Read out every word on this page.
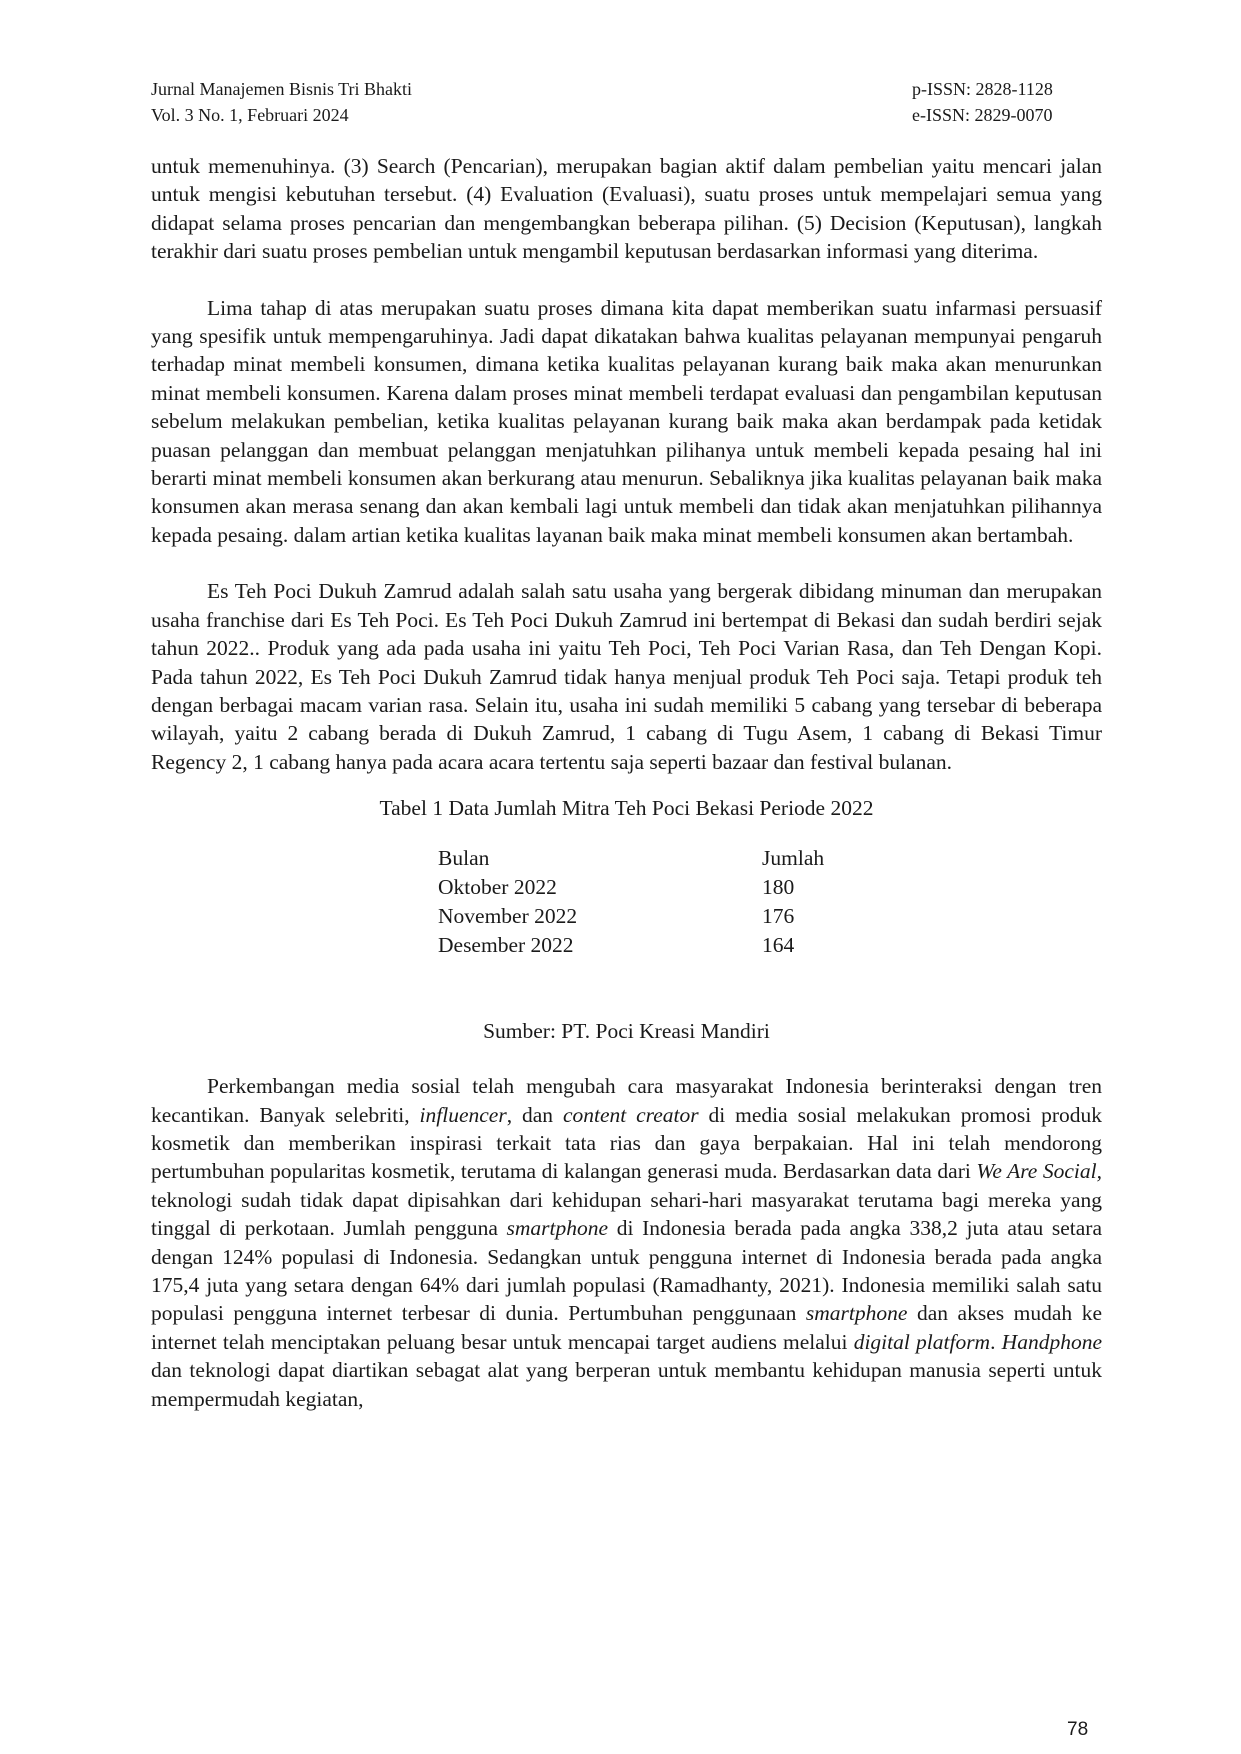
Jurnal Manajemen Bisnis Tri Bhakti
Vol. 3 No. 1, Februari 2024
p-ISSN: 2828-1128
e-ISSN: 2829-0070

untuk memenuhinya. (3) Search (Pencarian), merupakan bagian aktif dalam pembelian yaitu mencari jalan untuk mengisi kebutuhan tersebut. (4) Evaluation (Evaluasi), suatu proses untuk mempelajari semua yang didapat selama proses pencarian dan mengembangkan beberapa pilihan. (5) Decision (Keputusan), langkah terakhir dari suatu proses pembelian untuk mengambil keputusan berdasarkan informasi yang diterima.

Lima tahap di atas merupakan suatu proses dimana kita dapat memberikan suatu infarmasi persuasif yang spesifik untuk mempengaruhinya. Jadi dapat dikatakan bahwa kualitas pelayanan mempunyai pengaruh terhadap minat membeli konsumen, dimana ketika kualitas pelayanan kurang baik maka akan menurunkan minat membeli konsumen. Karena dalam proses minat membeli terdapat evaluasi dan pengambilan keputusan sebelum melakukan pembelian, ketika kualitas pelayanan kurang baik maka akan berdampak pada ketidak puasan pelanggan dan membuat pelanggan menjatuhkan pilihanya untuk membeli kepada pesaing hal ini berarti minat membeli konsumen akan berkurang atau menurun. Sebaliknya jika kualitas pelayanan baik maka konsumen akan merasa senang dan akan kembali lagi untuk membeli dan tidak akan menjatuhkan pilihannya kepada pesaing. dalam artian ketika kualitas layanan baik maka minat membeli konsumen akan bertambah.

Es Teh Poci Dukuh Zamrud adalah salah satu usaha yang bergerak dibidang minuman dan merupakan usaha franchise dari Es Teh Poci. Es Teh Poci Dukuh Zamrud ini bertempat di Bekasi dan sudah berdiri sejak tahun 2022.. Produk yang ada pada usaha ini yaitu Teh Poci, Teh Poci Varian Rasa, dan Teh Dengan Kopi. Pada tahun 2022, Es Teh Poci Dukuh Zamrud tidak hanya menjual produk Teh Poci saja. Tetapi produk teh dengan berbagai macam varian rasa. Selain itu, usaha ini sudah memiliki 5 cabang yang tersebar di beberapa wilayah, yaitu 2 cabang berada di Dukuh Zamrud, 1 cabang di Tugu Asem, 1 cabang di Bekasi Timur Regency 2, 1 cabang hanya pada acara acara tertentu saja seperti bazaar dan festival bulanan.

Tabel 1 Data Jumlah Mitra Teh Poci Bekasi Periode 2022

Bulan	Jumlah
Oktober 2022	180
November 2022	176
Desember 2022	164

Sumber: PT. Poci Kreasi Mandiri

Perkembangan media sosial telah mengubah cara masyarakat Indonesia berinteraksi dengan tren kecantikan. Banyak selebriti, influencer, dan content creator di media sosial melakukan promosi produk kosmetik dan memberikan inspirasi terkait tata rias dan gaya berpakaian. Hal ini telah mendorong pertumbuhan popularitas kosmetik, terutama di kalangan generasi muda. Berdasarkan data dari We Are Social, teknologi sudah tidak dapat dipisahkan dari kehidupan sehari-hari masyarakat terutama bagi mereka yang tinggal di perkotaan. Jumlah pengguna smartphone di Indonesia berada pada angka 338,2 juta atau setara dengan 124% populasi di Indonesia. Sedangkan untuk pengguna internet di Indonesia berada pada angka 175,4 juta yang setara dengan 64% dari jumlah populasi (Ramadhanty, 2021). Indonesia memiliki salah satu populasi pengguna internet terbesar di dunia. Pertumbuhan penggunaan smartphone dan akses mudah ke internet telah menciptakan peluang besar untuk mencapai target audiens melalui digital platform. Handphone dan teknologi dapat diartikan sebagat alat yang berperan untuk membantu kehidupan manusia seperti untuk mempermudah kegiatan,

78
